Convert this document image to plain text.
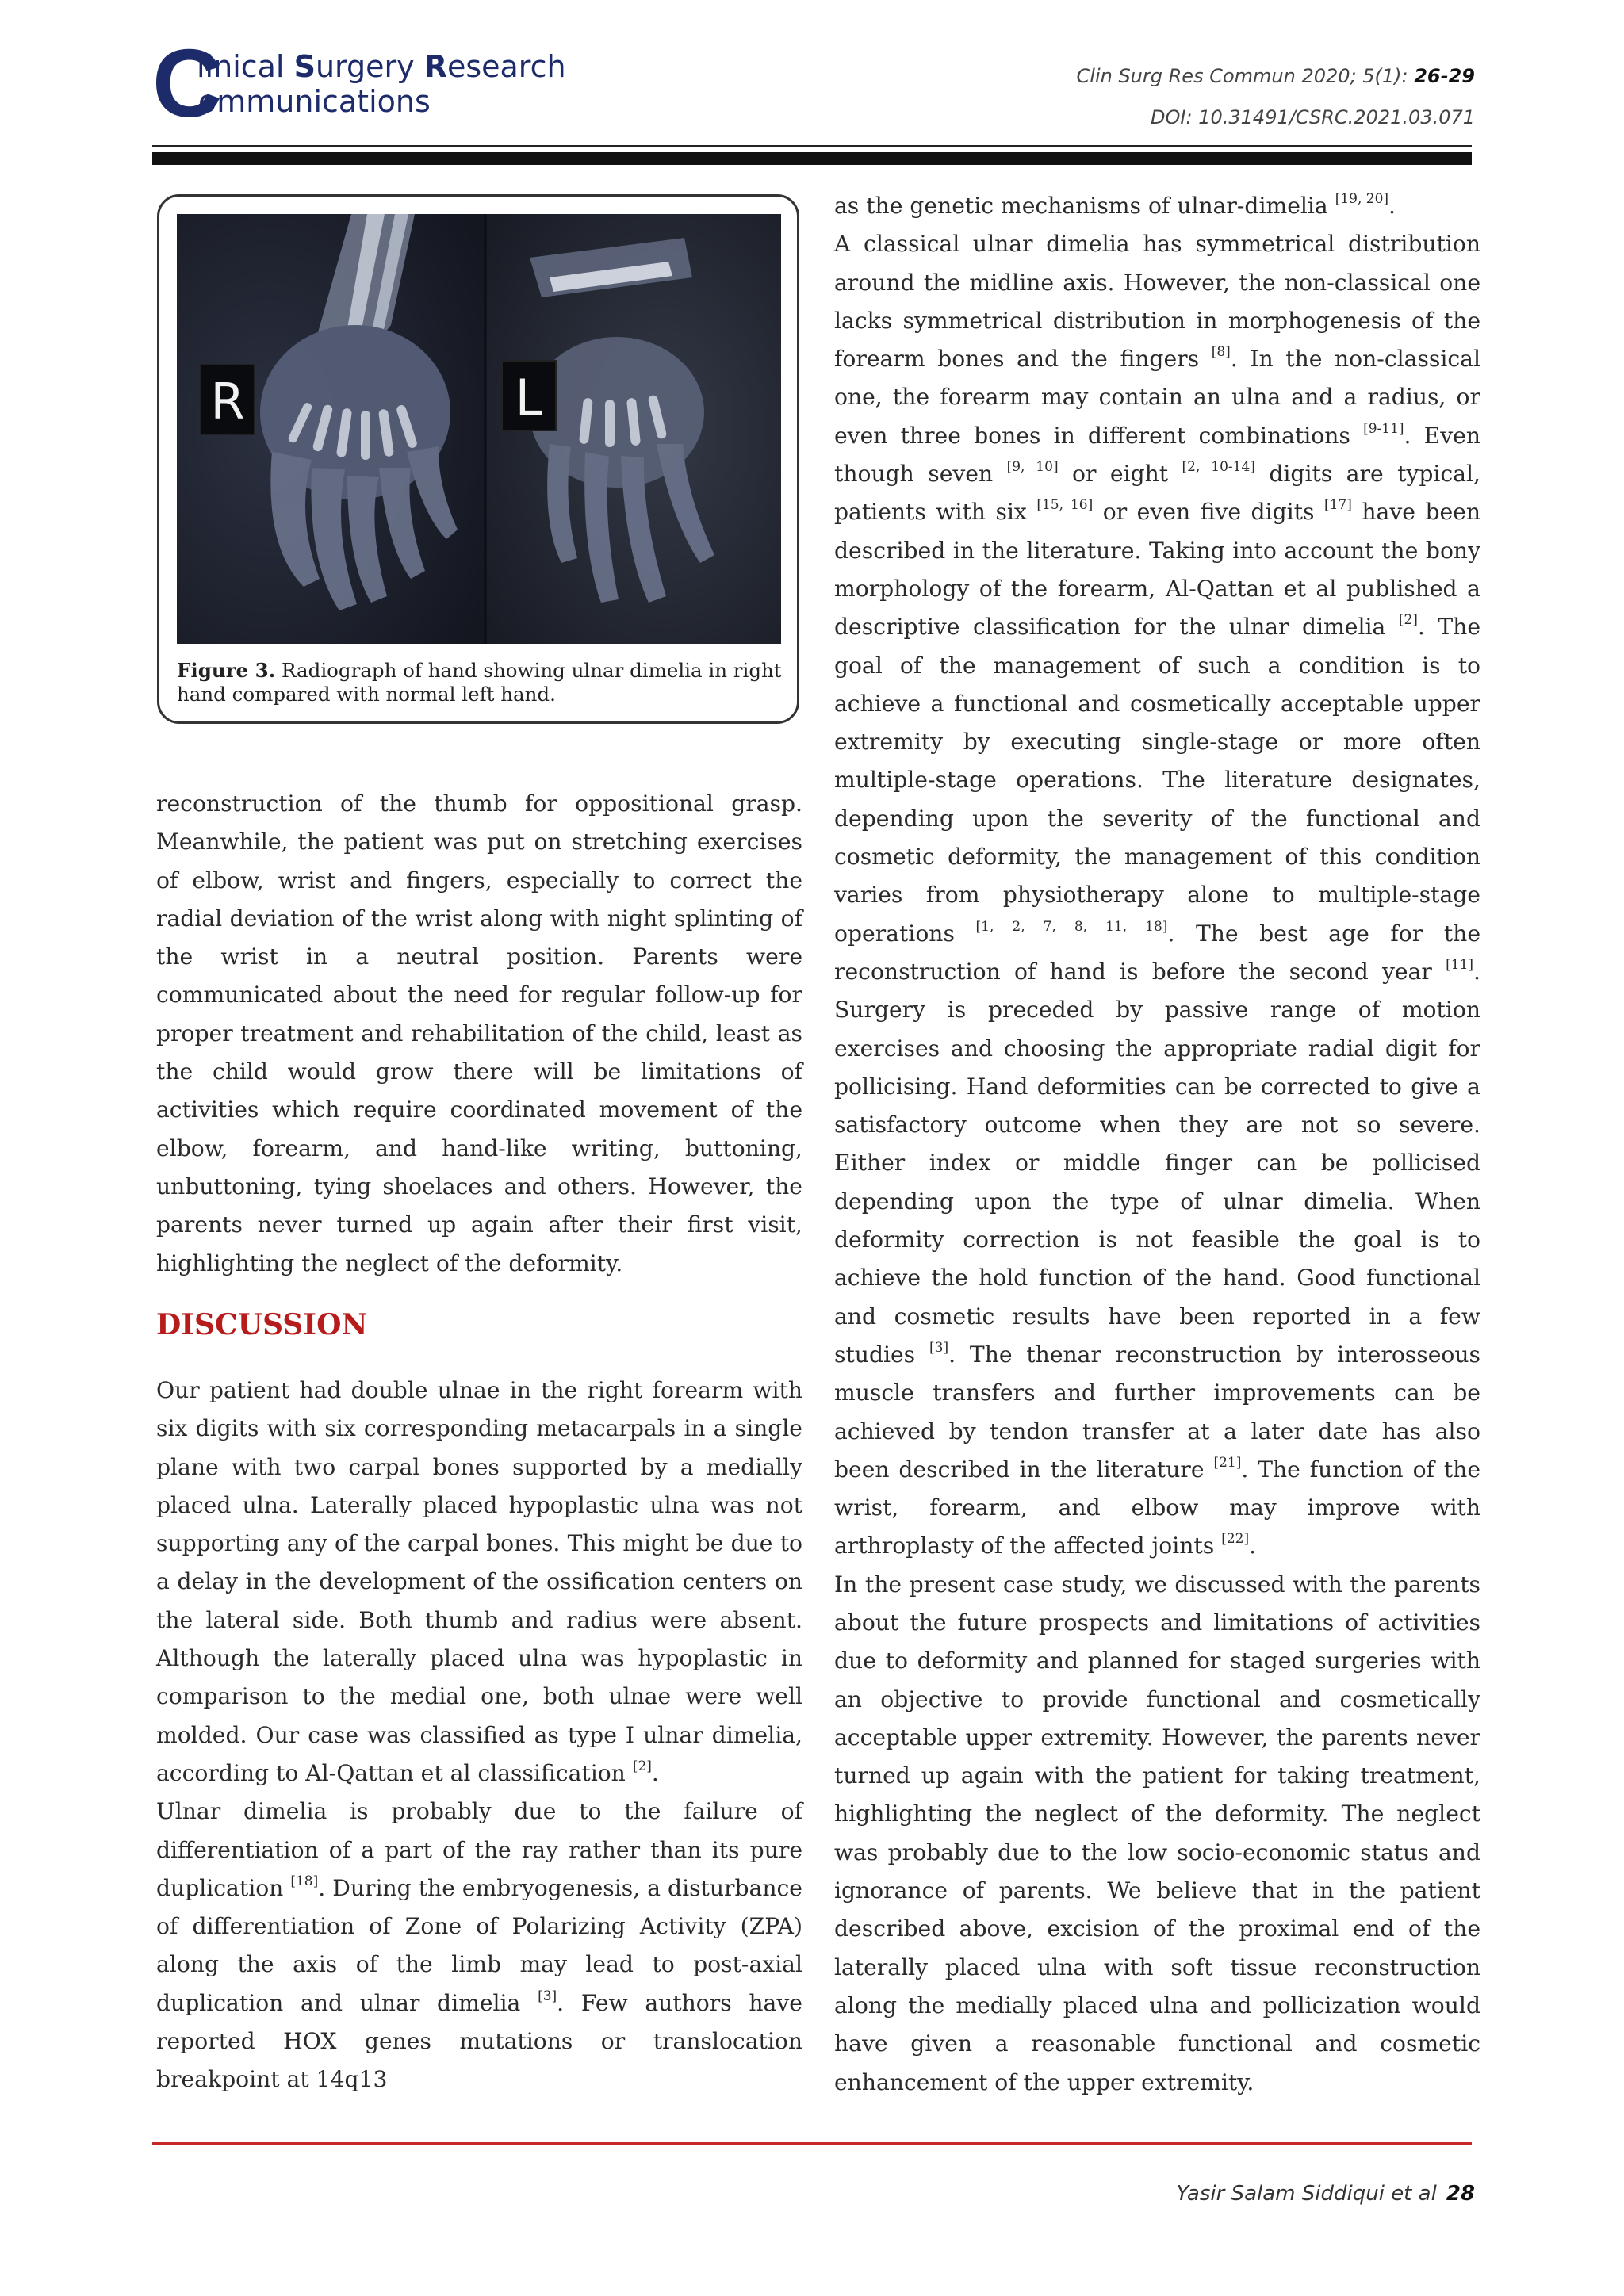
C
linical Surgery Research
ommunications
Clin Surg Res Commun 2020; 5(1): 26-29
DOI: 10.31491/CSRC.2021.03.071
R	L
Figure 3. Radiograph of hand showing ulnar dimelia in right hand compared with normal left hand.

reconstruction of the thumb for oppositional grasp. Meanwhile, the patient was put on stretching exercises of elbow, wrist and fingers, especially to correct the radial deviation of the wrist along with night splinting of the wrist in a neutral position. Parents were communicated about the need for regular follow-up for proper treatment and rehabilitation of the child, least as the child would grow there will be limitations of activities which require coordinated movement of the elbow, forearm, and hand-like writing, buttoning, unbuttoning, tying shoelaces and others. However, the parents never turned up again after their first visit, highlighting the neglect of the deformity.

DISCUSSION

Our patient had double ulnae in the right forearm with six digits with six corresponding metacarpals in a single plane with two carpal bones supported by a medially placed ulna. Laterally placed hypoplastic ulna was not supporting any of the carpal bones. This might be due to a delay in the development of the ossification centers on the lateral side. Both thumb and radius were absent. Although the laterally placed ulna was hypoplastic in comparison to the medial one, both ulnae were well molded. Our case was classified as type I ulnar dimelia, according to Al-Qattan et al classification [2].

Ulnar dimelia is probably due to the failure of differentiation of a part of the ray rather than its pure duplication [18]. During the embryogenesis, a disturbance of differentiation of Zone of Polarizing Activity (ZPA) along the axis of the limb may lead to post-axial duplication and ulnar dimelia [3]. Few authors have reported HOX genes mutations or translocation breakpoint at 14q13

as the genetic mechanisms of ulnar-dimelia [19, 20].

A classical ulnar dimelia has symmetrical distribution around the midline axis. However, the non-classical one lacks symmetrical distribution in morphogenesis of the forearm bones and the fingers [8]. In the non-classical one, the forearm may contain an ulna and a radius, or even three bones in different combinations [9-11]. Even though seven [9, 10] or eight [2, 10-14] digits are typical, patients with six [15, 16] or even five digits [17] have been described in the literature. Taking into account the bony morphology of the forearm, Al-Qattan et al published a descriptive classification for the ulnar dimelia [2]. The goal of the management of such a condition is to achieve a functional and cosmetically acceptable upper extremity by executing single-stage or more often multiple-stage operations. The literature designates, depending upon the severity of the functional and cosmetic deformity, the management of this condition varies from physiotherapy alone to multiple-stage operations [1, 2, 7, 8, 11, 18]. The best age for the reconstruction of hand is before the second year [11]. Surgery is preceded by passive range of motion exercises and choosing the appropriate radial digit for pollicising. Hand deformities can be corrected to give a satisfactory outcome when they are not so severe. Either index or middle finger can be pollicised depending upon the type of ulnar dimelia. When deformity correction is not feasible the goal is to achieve the hold function of the hand. Good functional and cosmetic results have been reported in a few studies [3]. The thenar reconstruction by interosseous muscle transfers and further improvements can be achieved by tendon transfer at a later date has also been described in the literature [21]. The function of the wrist, forearm, and elbow may improve with arthroplasty of the affected joints [22].

In the present case study, we discussed with the parents about the future prospects and limitations of activities due to deformity and planned for staged surgeries with an objective to provide functional and cosmetically acceptable upper extremity. However, the parents never turned up again with the patient for taking treatment, highlighting the neglect of the deformity. The neglect was probably due to the low socio-economic status and ignorance of parents. We believe that in the patient described above, excision of the proximal end of the laterally placed ulna with soft tissue reconstruction along the medially placed ulna and pollicization would have given a reasonable functional and cosmetic enhancement of the upper extremity.

Yasir Salam Siddiqui et al 28
